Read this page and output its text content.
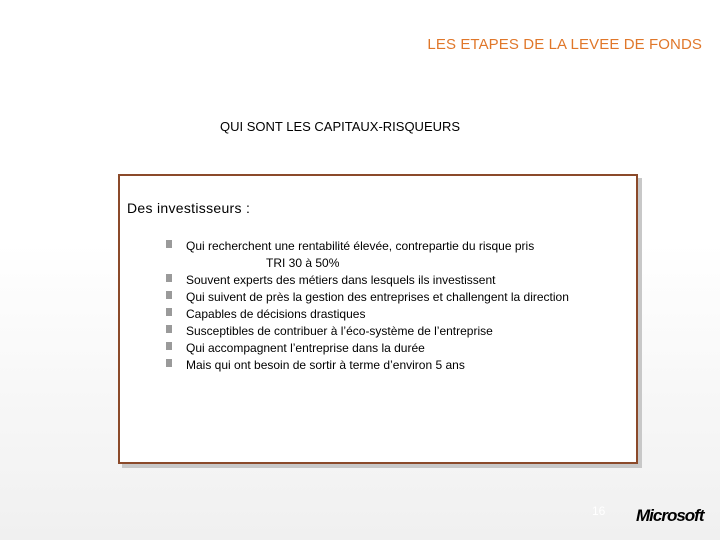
LES ETAPES DE LA LEVEE DE FONDS
QUI SONT LES CAPITAUX-RISQUEURS
Des investisseurs :
Qui recherchent une rentabilité élevée, contrepartie du risque pris
TRI 30 à 50%
Souvent experts des métiers dans lesquels ils investissent
Qui suivent de près la gestion des entreprises et challengent la direction
Capables de décisions drastiques
Susceptibles de contribuer à l’éco-système de l’entreprise
Qui accompagnent l’entreprise dans la durée
Mais qui ont besoin de sortir à terme d’environ 5 ans
16 Microsoft
